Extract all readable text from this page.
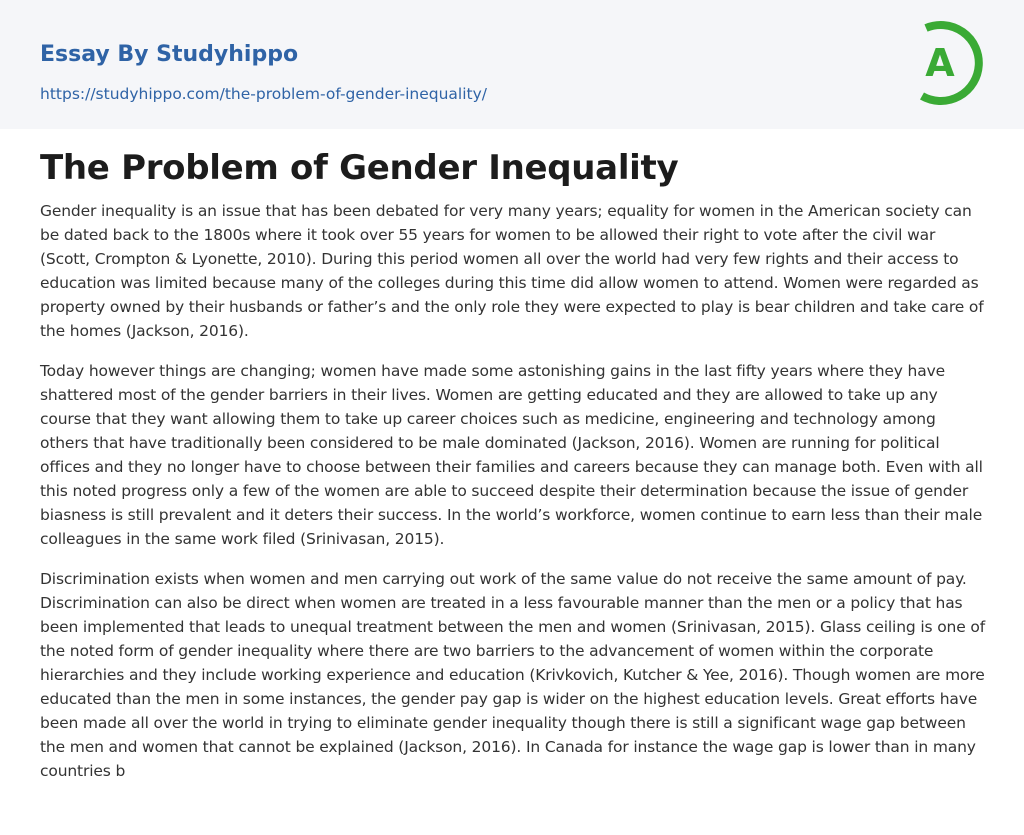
Essay By Studyhippo
https://studyhippo.com/the-problem-of-gender-inequality/
A
The Problem of Gender Inequality

Gender inequality is an issue that has been debated for very many years; equality for women in the American society can be dated back to the 1800s where it took over 55 years for women to be allowed their right to vote after the civil war (Scott, Crompton & Lyonette, 2010). During this period women all over the world had very few rights and their access to education was limited because many of the colleges during this time did allow women to attend. Women were regarded as property owned by their husbands or father’s and the only role they were expected to play is bear children and take care of the homes (Jackson, 2016).

Today however things are changing; women have made some astonishing gains in the last fifty years where they have shattered most of the gender barriers in their lives. Women are getting educated and they are allowed to take up any course that they want allowing them to take up career choices such as medicine, engineering and technology among others that have traditionally been considered to be male dominated (Jackson, 2016). Women are running for political offices and they no longer have to choose between their families and careers because they can manage both. Even with all this noted progress only a few of the women are able to succeed despite their determination because the issue of gender biasness is still prevalent and it deters their success. In the world’s workforce, women continue to earn less than their male colleagues in the same work filed (Srinivasan, 2015).

Discrimination exists when women and men carrying out work of the same value do not receive the same amount of pay. Discrimination can also be direct when women are treated in a less favourable manner than the men or a policy that has been implemented that leads to unequal treatment between the men and women (Srinivasan, 2015). Glass ceiling is one of the noted form of gender inequality where there are two barriers to the advancement of women within the corporate hierarchies and they include working experience and education (Krivkovich, Kutcher & Yee, 2016). Though women are more educated than the men in some instances, the gender pay gap is wider on the highest education levels. Great efforts have been made all over the world in trying to eliminate gender inequality though there is still a significant wage gap between the men and women that cannot be explained (Jackson, 2016). In Canada for instance the wage gap is lower than in many countries b
